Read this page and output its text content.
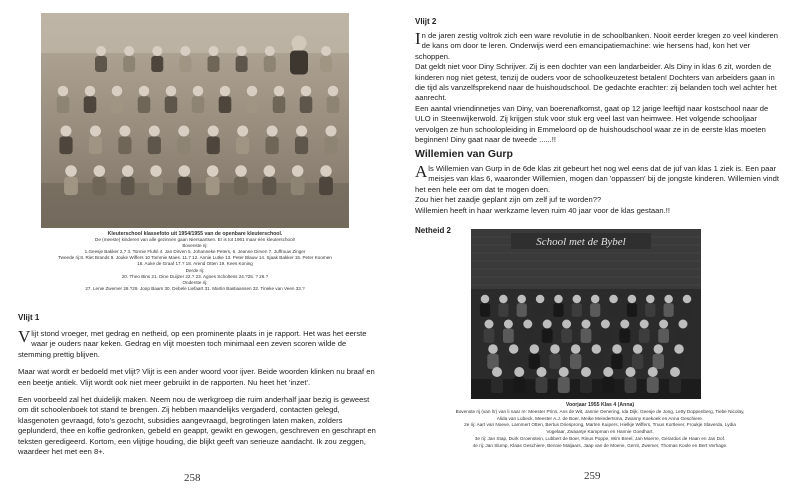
Kleuterschool klassefoto uit 1954/1955 van de openbare kleuterschool.
De (meeste) kinderen van alle gezinnen gaan Niersaartsen. Er is tot 1961 maar één kleuterschool!
Bovenste rij:
1.Geesje Bakker 2,7 3. Tonnie Fluhil 4. Jan Dirven 5. Johanneke Peters, 6. Jeanne Dirven 7. Juffrouw Zinger
Tweede rij:8. Riet Brands 9. Jouke Wiffers 10 Tommie Maes. 11.7 12. Annie Lutke 13. Peter Blauw 14. Sjaak Bakker 15. Peter Koomen
16. Auke de Graaf 17.? 18. Arend Otten 19. Kees Koning
Derde rij:
20. Theo Bins 21. Dine Duijzer 22.? 23. Agnes Scholtens 24.?25. ? 26.?
Onderste rij:
27. Lenie Zwemer 28.?29. Joop Baars 30. Debele Liefaart 31. Martin Bastiaansen 32. Tineke van Veen 33.?
Vlijt 1

Vlijt stond vroeger, met gedrag en netheid, op een prominente plaats in je rapport. Het was het eerste waar je ouders naar keken. Gedrag en vlijt moesten toch minimaal een zeven scoren wilde de stemming prettig blijven.

Maar wat wordt er bedoeld met vlijt? Vlijt is een ander woord voor ijver. Beide woorden klinken nu braaf en een beetje antiek. Vlijt wordt ook niet meer gebruikt in de rapporten. Nu heet het 'inzet'.

Een voorbeeld zal het duidelijk maken. Neem nou de werkgroep die ruim anderhalf jaar bezig is geweest om dit schoolenboek tot stand te brengen. Zij hebben maandelijks vergaderd, contacten gelegd, klasgenoten gevraagd, foto's gezocht, subsidies aangevraagd, begrotingen laten maken, zolders geplunderd, thee en koffie gedronken, gebeld en geappt, gewikt en gewogen, geschreven en geschrapt en teksten geredigeerd. Kortom, een vlijtige houding, die blijkt geeft van serieuze aandacht. Ik zou zeggen, waardeer het met een 8+.

258
Vlijt 2

In de jaren zestig voltrok zich een ware revolutie in de schoolbanken. Nooit eerder kregen zo veel kinderen de kans om door te leren. Onderwijs werd een emancipatiemachine: wie hersens had, kon het ver schoppen.

Dat geldt niet voor Diny Schrijver. Zij is een dochter van een landarbeider. Als Diny in klas 6 zit, worden de kinderen nog niet getest, tenzij de ouders voor de schoolkeuzetest betalen! Dochters van arbeiders gaan in die tijd als vanzelfsprekend naar de huishoudschool. De gedachte erachter: zij belanden toch wel achter het aanrecht.

Een aantal vriendinnetjes van Diny, van boerenafkomst, gaat op 12 jarige leeftijd naar kostschool naar de ULO in Steenwijkerwold. Zij krijgen stuk voor stuk erg veel last van heimwee. Het volgende schooljaar vervolgen ze hun schoolopleiding in Emmeloord op de huishoudschool waar ze in de eerste klas moeten beginnen! Diny gaat naar de tweede ......!!

Willemien van Gurp

Als Willemien van Gurp in de 6de klas zit gebeurt het nog wel eens dat de juf van klas 1 ziek is. Een paar meisjes van klas 6, waaronder Willemien, mogen dan 'oppassen' bij de jongste kinderen. Willemien vindt het een hele eer om dat te mogen doen.

Zou hier het zaadje geplant zijn om zelf juf te worden??

Willemien heeft in haar werkzame leven ruim 40 jaar voor de klas gestaan.!!

Netheid 2
School met de Bybel
Voorjaar 1955 Klas 4 (Anna)
Bovenste rij (van l/r) van li naar re: Meester Prins, Ans de Wit, Jannie Oenering, Ida Dijk, Geesje de Jong, Letty Doppenberg, Tiebe Nicolay,
Alida van Lubeck, Meester A.J. de Boer, Meike Meindertsma, Zwanny Koekoek en Anna Geschiere.
2e rij: Aart van Noeve, Lammert Otten, Bertus Driesprong, Marten Kuipers, Hielkje Wiffers, Truus Kortlever, Froukje Slaverda, Lydia
Vogelaar, Zwaantje Kampman en Hannie Goedhart.
3e rij: Jan Stap, Durk Groenstein, Lubbert de Boer, Rinus Poppe, Wim Breel, Jan Moerre, Gerardus de Haan en Jan Dof.
4e rij: Jan Slump, Klaas Geschiere, Bennie Maljaars, Jaap van de Moene, Gerrit, Zwemer, Thomas Koole en Bert Verhage.
259
